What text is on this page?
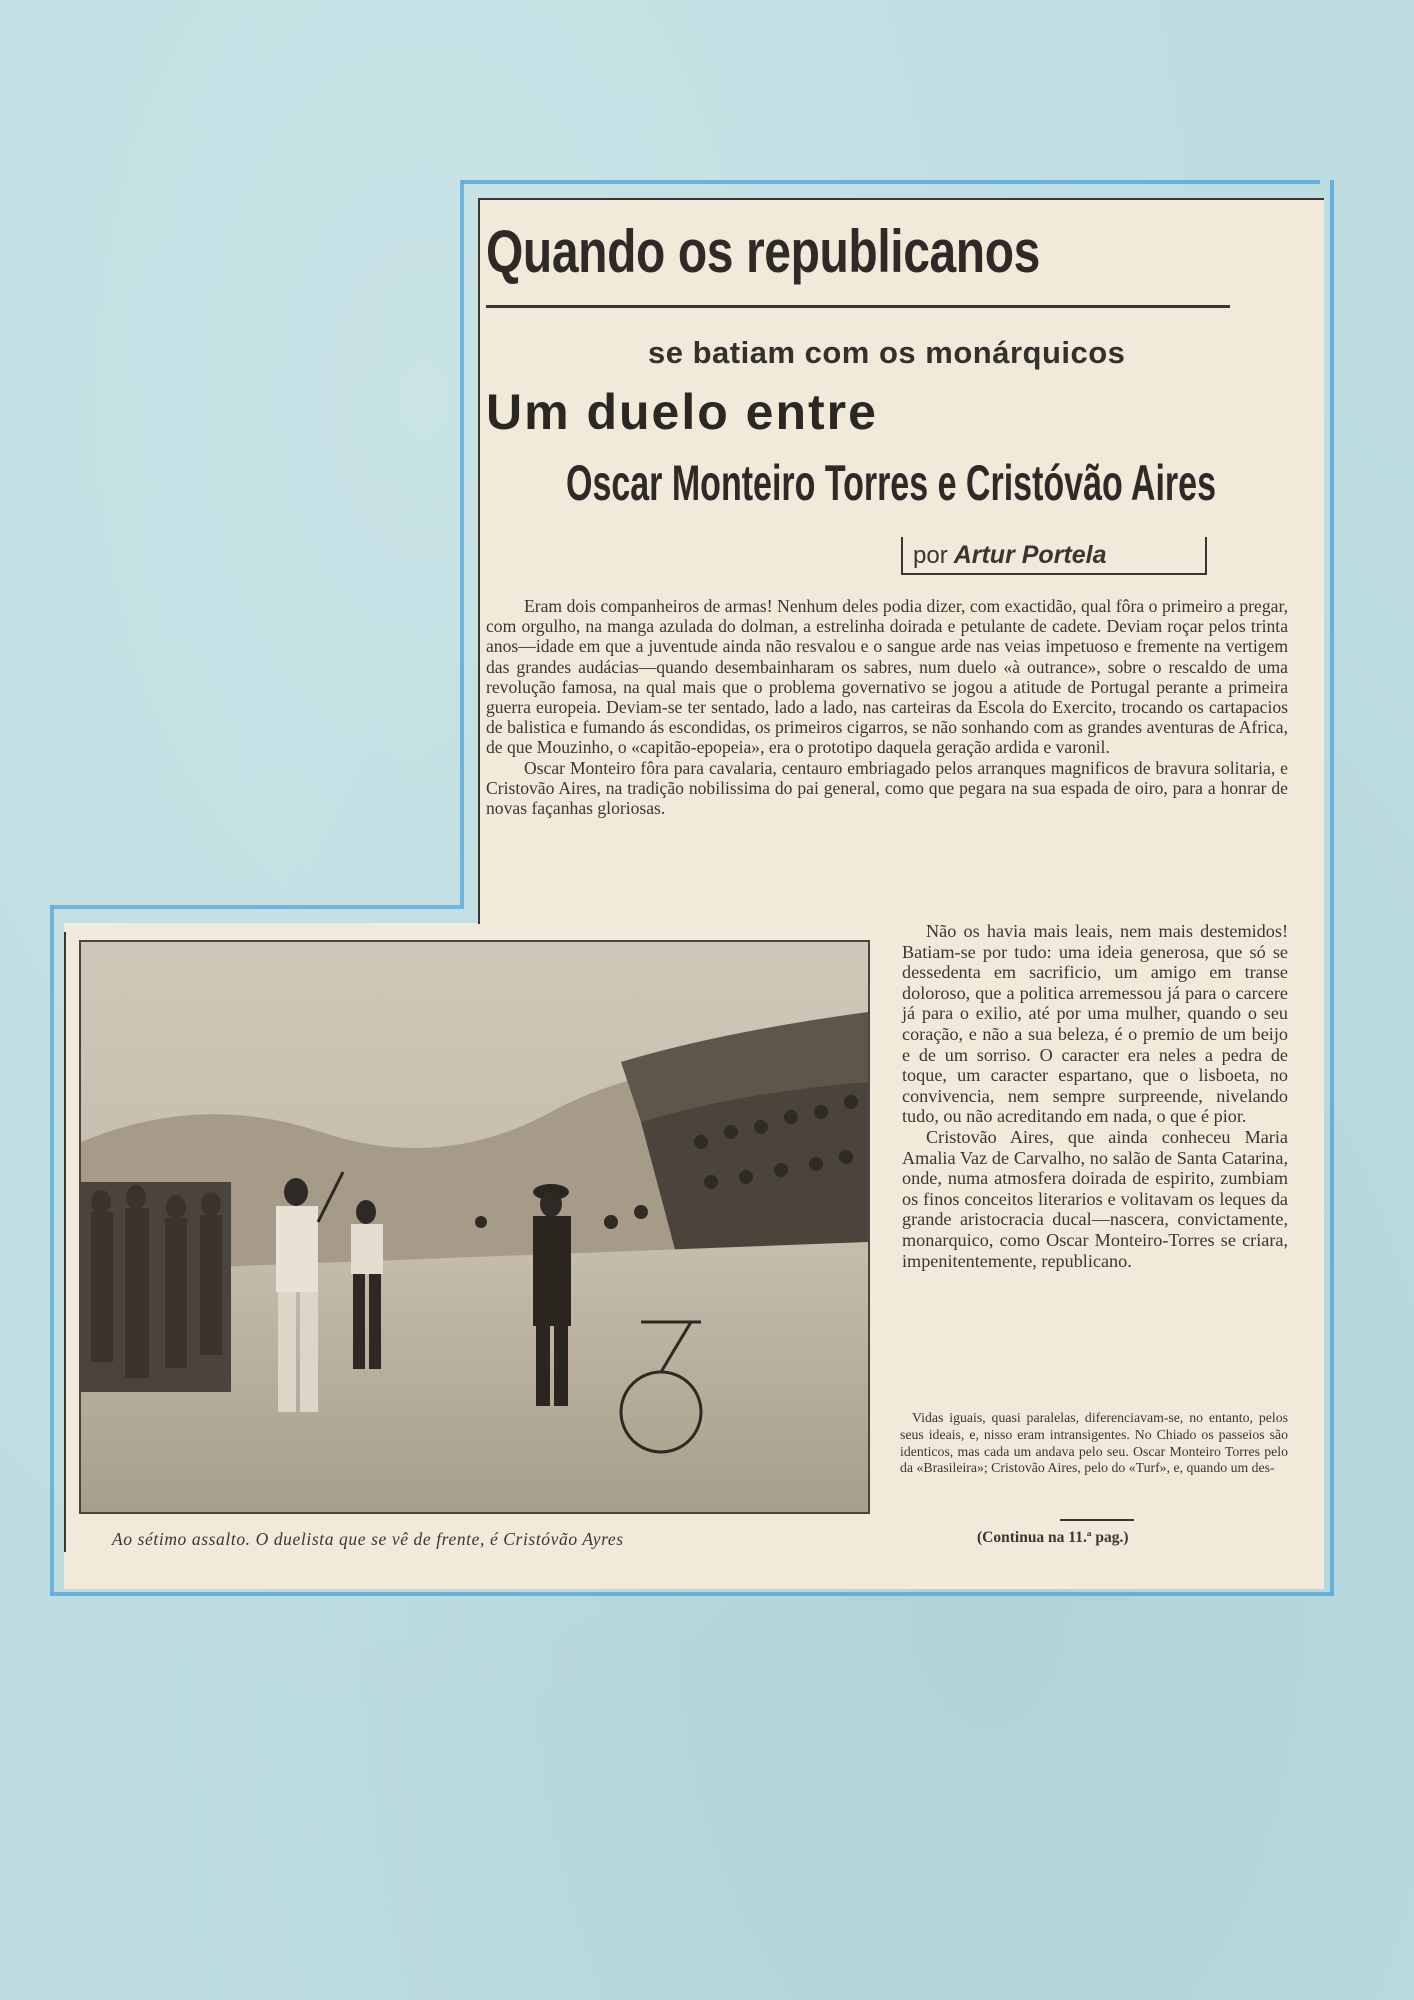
Quando os republicanos
se batiam com os monárquicos
Um duelo entre
Oscar Monteiro Torres e Cristóvão Aires
por Artur Portela

Eram dois companheiros de armas! Nenhum deles podia dizer, com exactidão, qual fôra o primeiro a pregar, com orgulho, na manga azulada do dolman, a estrelinha doirada e petulante de cadete. Deviam roçar pelos trinta anos—idade em que a juventude ainda não resvalou e o sangue arde nas veias impetuoso e fremente na vertigem das grandes audácias—quando desembainharam os sabres, num duelo «à outrance», sobre o rescaldo de uma revolução famosa, na qual mais que o problema governativo se jogou a atitude de Portugal perante a primeira guerra europeia. Deviam-se ter sentado, lado a lado, nas carteiras da Escola do Exercito, trocando os cartapacios de balistica e fumando ás escondidas, os primeiros cigarros, se não sonhando com as grandes aventuras de Africa, de que Mouzinho, o «capitão-epopeia», era o prototipo daquela geração ardida e varonil.

Oscar Monteiro fôra para cavalaria, centauro embriagado pelos arranques magnificos de bravura solitaria, e Cristovão Aires, na tradição nobilissima do pai general, como que pegara na sua espada de oiro, para a honrar de novas façanhas gloriosas.

Não os havia mais leais, nem mais destemidos! Batiam-se por tudo: uma ideia generosa, que só se dessedenta em sacrificio, um amigo em transe doloroso, que a politica arremessou já para o carcere já para o exilio, até por uma mulher, quando o seu coração, e não a sua beleza, é o premio de um beijo e de um sorriso. O caracter era neles a pedra de toque, um caracter espartano, que o lisboeta, no convivencia, nem sempre surpreende, nivelando tudo, ou não acreditando em nada, o que é pior.

Cristovão Aires, que ainda conheceu Maria Amalia Vaz de Carvalho, no salão de Santa Catarina, onde, numa atmosfera doirada de espirito, zumbiam os finos conceitos literarios e volitavam os leques da grande aristocracia ducal—nascera, convictamente, monarquico, como Oscar Monteiro-Torres se criara, impenitentemente, republicano.

Vidas iguais, quasi paralelas, diferenciavam-se, no entanto, pelos seus ideais, e, nisso eram intransigentes. No Chiado os passeios são identicos, mas cada um andava pelo seu. Oscar Monteiro Torres pelo da «Brasileira»; Cristovão Aires, pelo do «Turf», e, quando um des-

Ao sétimo assalto. O duelista que se vê de frente, é Cristóvão Ayres	(Continua na 11.ª pag.)
